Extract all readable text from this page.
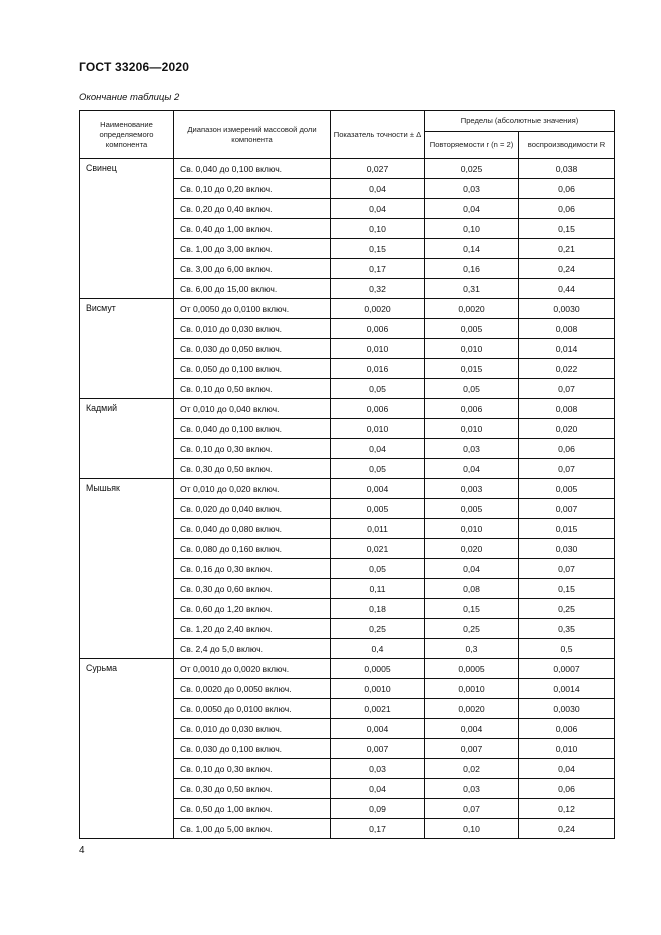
ГОСТ 33206—2020
Окончание таблицы 2
Наименование определяемого компонента	Диапазон измерений массовой доли компонента	Показатель точности ± Δ	Пределы (абсолютные значения)	
			Повторяемости r (n = 2)	воспроизводимости R
Свинец	Св. 0,040 до 0,100 включ.	0,027	0,025	0,038
	Св. 0,10 до 0,20 включ.	0,04	0,03	0,06
	Св. 0,20 до 0,40 включ.	0,04	0,04	0,06
	Св. 0,40 до 1,00 включ.	0,10	0,10	0,15
	Св. 1,00 до 3,00 включ.	0,15	0,14	0,21
	Св. 3,00 до 6,00 включ.	0,17	0,16	0,24
	Св. 6,00 до 15,00 включ.	0,32	0,31	0,44
Висмут	От 0,0050 до 0,0100 включ.	0,0020	0,0020	0,0030
	Св. 0,010 до 0,030 включ.	0,006	0,005	0,008
	Св. 0,030 до 0,050 включ.	0,010	0,010	0,014
	Св. 0,050 до 0,100 включ.	0,016	0,015	0,022
	Св. 0,10 до 0,50 включ.	0,05	0,05	0,07
Кадмий	От 0,010 до 0,040 включ.	0,006	0,006	0,008
	Св. 0,040 до 0,100 включ.	0,010	0,010	0,020
	Св. 0,10 до 0,30 включ.	0,04	0,03	0,06
	Св. 0,30 до 0,50 включ.	0,05	0,04	0,07
Мышьяк	От 0,010 до 0,020 включ.	0,004	0,003	0,005
	Св. 0,020 до 0,040 включ.	0,005	0,005	0,007
	Св. 0,040 до 0,080 включ.	0,011	0,010	0,015
	Св. 0,080 до 0,160 включ.	0,021	0,020	0,030
	Св. 0,16 до 0,30 включ.	0,05	0,04	0,07
	Св. 0,30 до 0,60 включ.	0,11	0,08	0,15
	Св. 0,60 до 1,20 включ.	0,18	0,15	0,25
	Св. 1,20 до 2,40 включ.	0,25	0,25	0,35
	Св. 2,4 до 5,0 включ.	0,4	0,3	0,5
Сурьма	От 0,0010 до 0,0020 включ.	0,0005	0,0005	0,0007
	Св. 0,0020 до 0,0050 включ.	0,0010	0,0010	0,0014
	Св. 0,0050 до 0,0100 включ.	0,0021	0,0020	0,0030
	Св. 0,010 до 0,030 включ.	0,004	0,004	0,006
	Св. 0,030 до 0,100 включ.	0,007	0,007	0,010
	Св. 0,10 до 0,30 включ.	0,03	0,02	0,04
	Св. 0,30 до 0,50 включ.	0,04	0,03	0,06
	Св. 0,50 до 1,00 включ.	0,09	0,07	0,12
	Св. 1,00 до 5,00 включ.	0,17	0,10	0,24
4
